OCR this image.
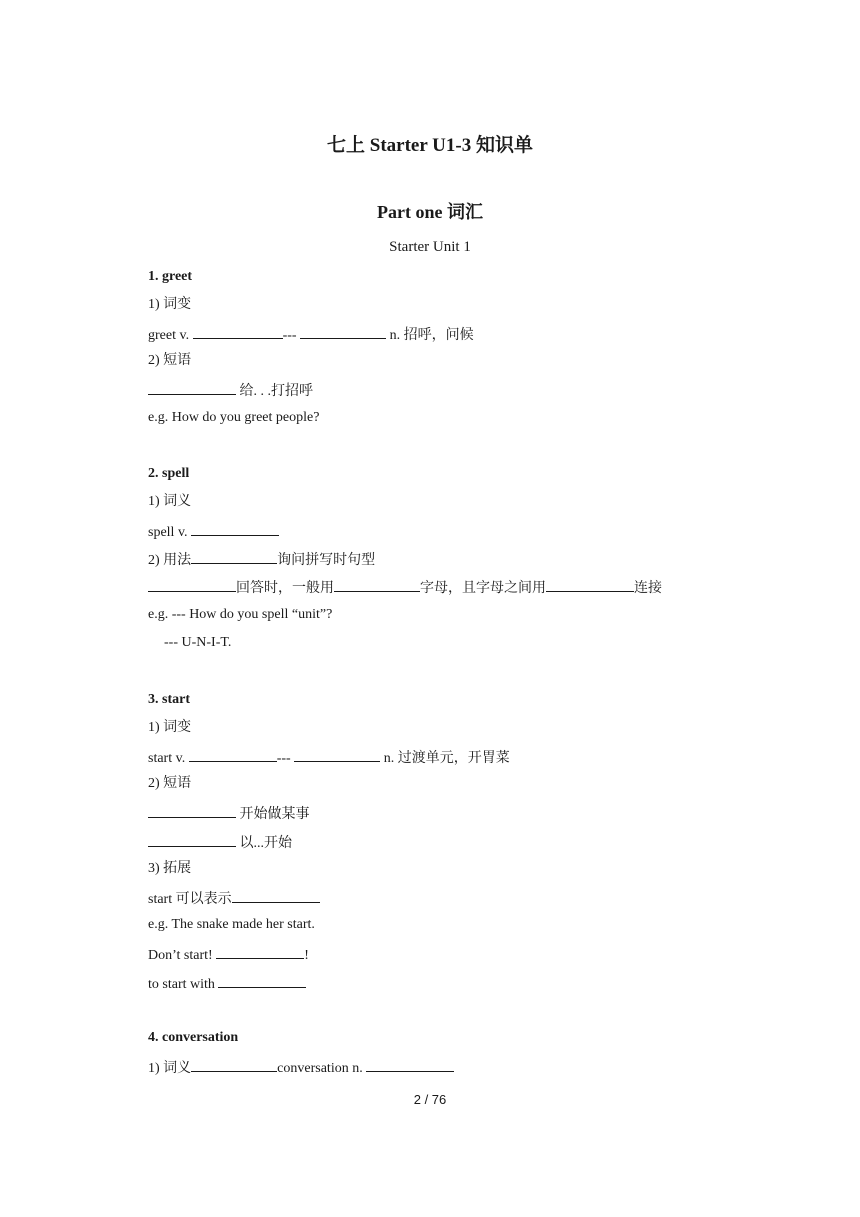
七上 Starter U1-3 知识单
Part one 词汇
Starter Unit 1
1. greet
1) 词变
greet v.	---	n. 招呼，问候
2) 短语
给. . .打招呼
e.g. How do you greet people?
2. spell
1) 词义
spell v.
2) 用法	询问拼写时句型
回答时，一般用	字母，且字母之间用	连接
e.g. --- How do you spell “unit”?
--- U-N-I-T.
3. start
1) 词变
start v.	---	n. 过渡单元，开胃菜
2) 短语
开始做某事
以...开始
3) 拓展
start 可以表示
e.g. The snake made her start.
Don’t start!	!
to start with
4. conversation
1) 词义	conversation n.
2 / 76
